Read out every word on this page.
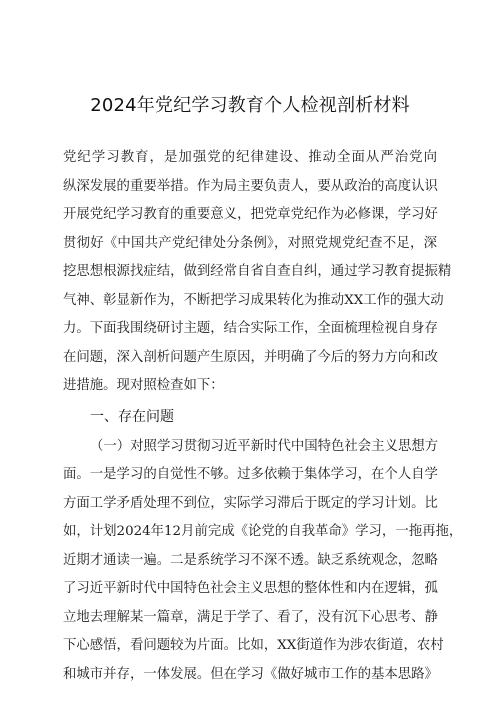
2024年党纪学习教育个人检视剖析材料
党纪学习教育，是加强党的纪律建设、推动全面从严治党向
纵深发展的重要举措。作为局主要负责人，要从政治的高度认识
开展党纪学习教育的重要意义，把党章党纪作为必修课，学习好
贯彻好《中国共产党纪律处分条例》，对照党规党纪查不足，深
挖思想根源找症结，做到经常自省自查自纠，通过学习教育提振精
气神、彰显新作为，不断把学习成果转化为推动XX工作的强大动
力。下面我围绕研讨主题，结合实际工作，全面梳理检视自身存
在问题，深入剖析问题产生原因，并明确了今后的努力方向和改
进措施。现对照检查如下：
一、存在问题
（一）对照学习贯彻习近平新时代中国特色社会主义思想方
面。一是学习的自觉性不够。过多依赖于集体学习，在个人自学
方面工学矛盾处理不到位，实际学习滞后于既定的学习计划。比
如，计划2024年12月前完成《论党的自我革命》学习，一拖再拖，
近期才通读一遍。二是系统学习不深不透。缺乏系统观念，忽略
了习近平新时代中国特色社会主义思想的整体性和内在逻辑，孤
立地去理解某一篇章，满足于学了、看了，没有沉下心思考、静
下心感悟，看问题较为片面。比如，XX街道作为涉农街道，农村
和城市并存，一体发展。但在学习《做好城市工作的基本思路》
